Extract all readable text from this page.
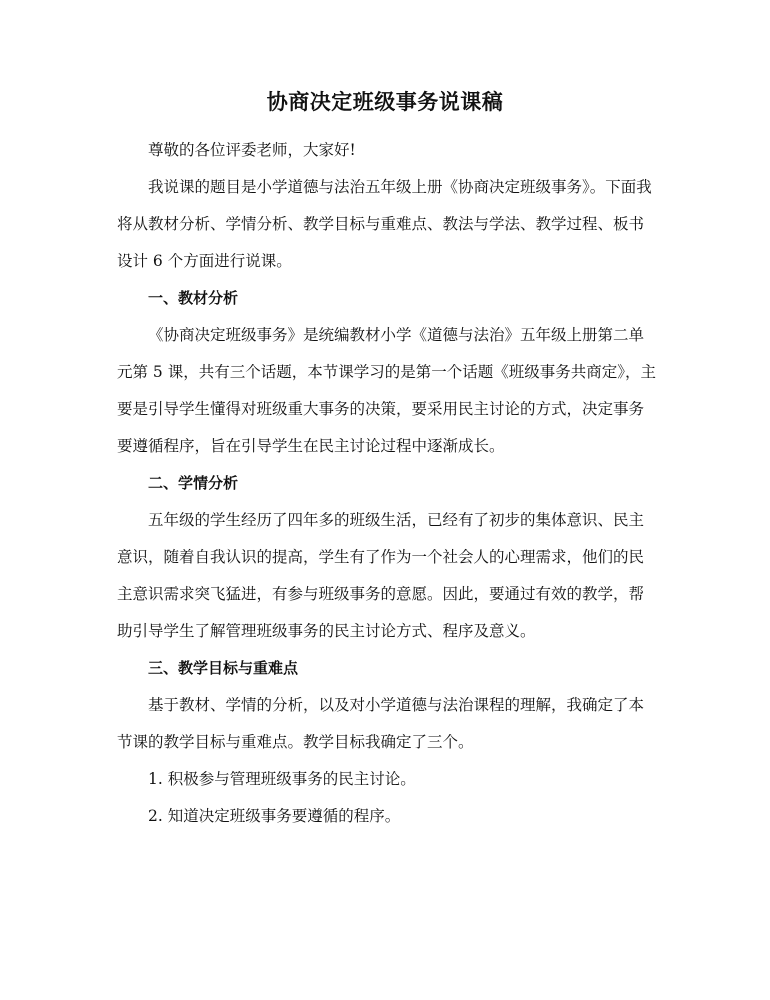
协商决定班级事务说课稿

尊敬的各位评委老师，大家好!

我说课的题目是小学道德与法治五年级上册《协商决定班级事务》。下面我将从教材分析、学情分析、教学目标与重难点、教法与学法、教学过程、板书设计 6 个方面进行说课。

一、教材分析

《协商决定班级事务》是统编教材小学《道德与法治》五年级上册第二单元第 5 课，共有三个话题，本节课学习的是第一个话题《班级事务共商定》，主要是引导学生懂得对班级重大事务的决策，要采用民主讨论的方式，决定事务要遵循程序，旨在引导学生在民主讨论过程中逐渐成长。

二、学情分析

五年级的学生经历了四年多的班级生活，已经有了初步的集体意识、民主意识，随着自我认识的提高，学生有了作为一个社会人的心理需求，他们的民主意识需求突飞猛进，有参与班级事务的意愿。因此，要通过有效的教学，帮助引导学生了解管理班级事务的民主讨论方式、程序及意义。

三、教学目标与重难点

基于教材、学情的分析，以及对小学道德与法治课程的理解，我确定了本节课的教学目标与重难点。教学目标我确定了三个。

1. 积极参与管理班级事务的民主讨论。

2. 知道决定班级事务要遵循的程序。
